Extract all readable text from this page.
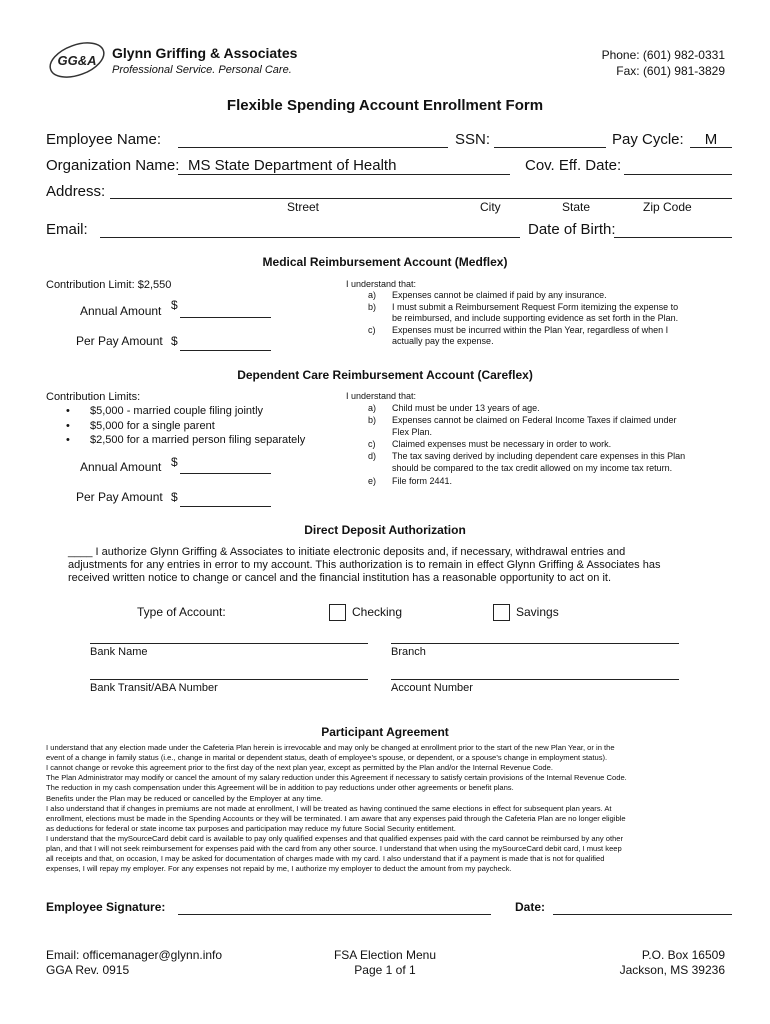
GG&A Glynn Griffing & Associates
Professional Service. Personal Care.
Phone: (601) 982-0331
Fax: (601) 981-3829
Flexible Spending Account Enrollment Form
Employee Name:	SSN:	Pay Cycle:	M
Organization Name: MS State Department of Health	Cov. Eff. Date:
Address:
Street	City	State	Zip Code
Email:	Date of Birth:
Medical Reimbursement Account (Medflex)
Contribution Limit: $2,550
Annual Amount $
Per Pay Amount $
I understand that:
a) Expenses cannot be claimed if paid by any insurance.
b) I must submit a Reimbursement Request Form itemizing the expense to
be reimbursed, and include supporting evidence as set forth in the Plan.
c) Expenses must be incurred within the Plan Year, regardless of when I
actually pay the expense.
Dependent Care Reimbursement Account (Careflex)
Contribution Limits:
• $5,000 - married couple filing jointly
• $5,000 for a single parent
• $2,500 for a married person filing separately
Annual Amount $
Per Pay Amount $
I understand that:
a) Child must be under 13 years of age.
b) Expenses cannot be claimed on Federal Income Taxes if claimed under
Flex Plan.
c) Claimed expenses must be necessary in order to work.
d) The tax saving derived by including dependent care expenses in this Plan
should be compared to the tax credit allowed on my income tax return.
e) File form 2441.
Direct Deposit Authorization
____ I authorize Glynn Griffing & Associates to initiate electronic deposits and, if necessary, withdrawal entries and
adjustments for any entries in error to my account. This authorization is to remain in effect Glynn Griffing & Associates has
received written notice to change or cancel and the financial institution has a reasonable opportunity to act on it.
Type of Account:	Checking	Savings
Bank Name	Branch
Bank Transit/ABA Number	Account Number
Participant Agreement
I understand that any election made under the Cafeteria Plan herein is irrevocable and may only be changed at enrollment prior to the start of the new Plan Year, or in the
event of a change in family status (i.e., change in marital or dependent status, death of employee’s spouse, or dependent, or a spouse’s change in employment status).
I cannot change or revoke this agreement prior to the first day of the next plan year, except as permitted by the Plan and/or the Internal Revenue Code.
The Plan Administrator may modify or cancel the amount of my salary reduction under this Agreement if necessary to satisfy certain provisions of the Internal Revenue Code.
The reduction in my cash compensation under this Agreement will be in addition to pay reductions under other agreements or benefit plans.
Benefits under the Plan may be reduced or cancelled by the Employer at any time.
I also understand that if changes in premiums are not made at enrollment, I will be treated as having continued the same elections in effect for subsequent plan years. At
enrollment, elections must be made in the Spending Accounts or they will be terminated. I am aware that any expenses paid through the Cafeteria Plan are no longer eligible
as deductions for federal or state income tax purposes and participation may reduce my future Social Security entitlement.
I understand that the mySourceCard debit card is available to pay only qualified expenses and that qualified expenses paid with the card cannot be reimbursed by any other
plan, and that I will not seek reimbursement for expenses paid with the card from any other source. I understand that when using the mySourceCard debit card, I must keep
all receipts and that, on occasion, I may be asked for documentation of charges made with my card. I also understand that if a payment is made that is not for qualified
expenses, I will repay my employer. For any expenses not repaid by me, I authorize my employer to deduct the amount from my paycheck.
Employee Signature:	Date:
Email: officemanager@glynn.info
GGA Rev. 0915
FSA Election Menu
Page 1 of 1
P.O. Box 16509
Jackson, MS 39236
